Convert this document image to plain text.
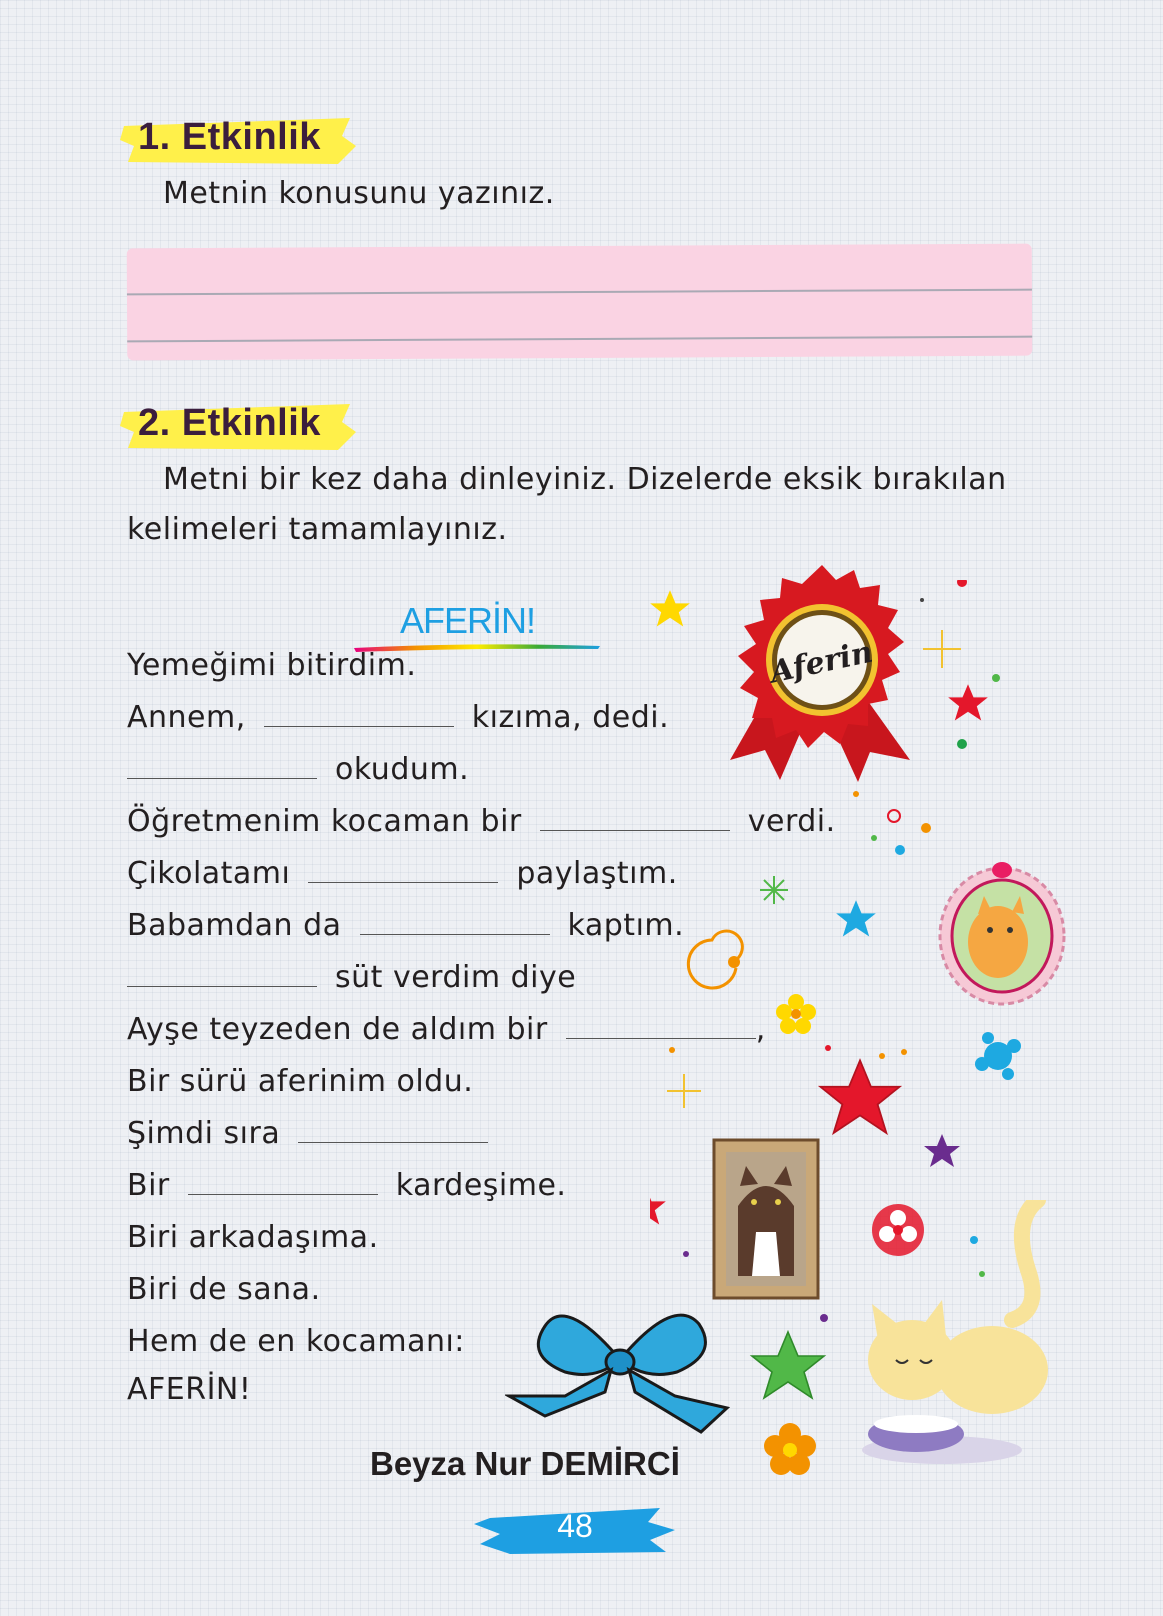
1. Etkinlik
Metnin konusunu yazınız.
2. Etkinlik
Metni bir kez daha dinleyiniz. Dizelerde eksik bırakılan
kelimeleri tamamlayınız.
AFERİN!
Yemeğimi bitirdim.
Annem,	kızıma, dedi.
okudum.
Öğretmenim kocaman bir	verdi.
Çikolatamı	paylaştım.
Babamdan da	kaptım.
süt verdim diye
Ayşe teyzeden de aldım bir	,
Bir sürü aferinim oldu.
Şimdi sıra
Bir	kardeşime.
Biri arkadaşıma.
Biri de sana.
Hem de en kocamanı:
AFERİN!
Beyza Nur DEMİRCİ
48
Aferin
